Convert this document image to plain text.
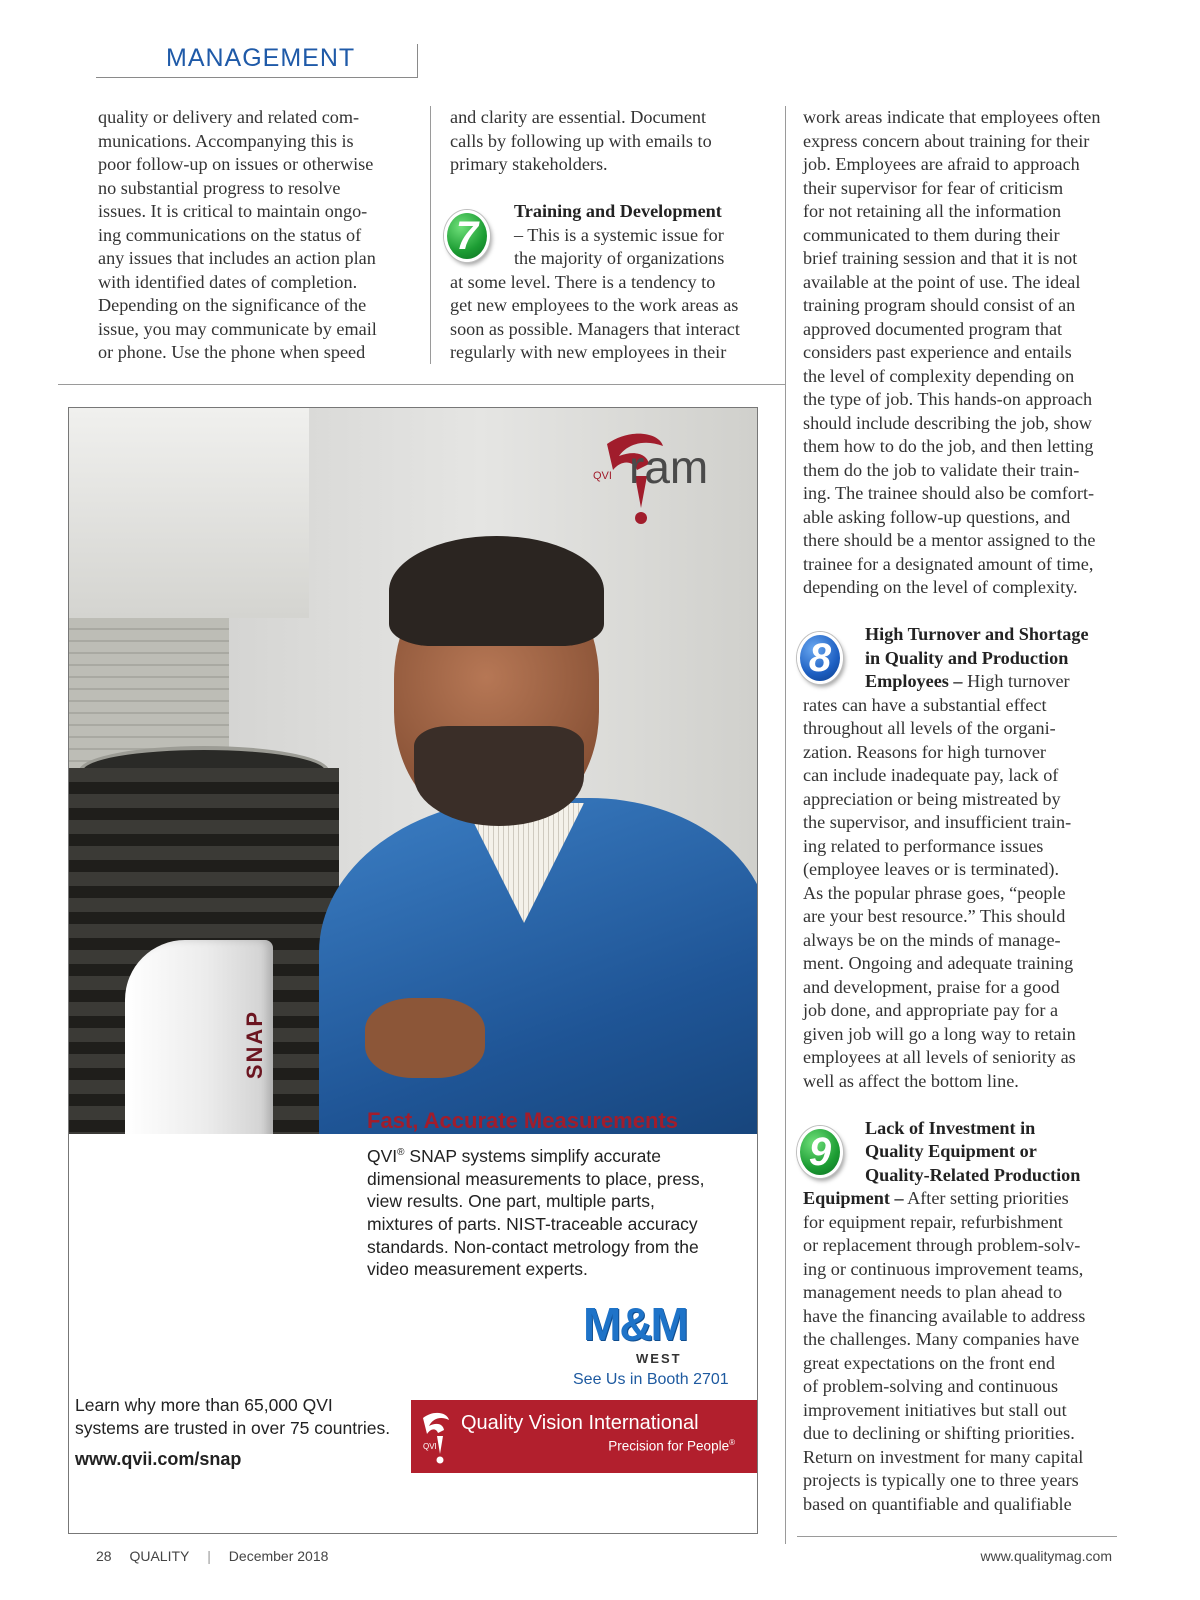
MANAGEMENT

quality or delivery and related com-

munications. Accompanying this is

poor follow-up on issues or otherwise

no substantial progress to resolve

issues. It is critical to maintain ongo-

ing communications on the status of

any issues that includes an action plan

with identified dates of completion.

Depending on the significance of the

issue, you may communicate by email

or phone. Use the phone when speed

and clarity are essential. Document

calls by following up with emails to

primary stakeholders.

Training and Development

– This is a systemic issue for

the majority of organizations

at some level. There is a tendency to

get new employees to the work areas as

soon as possible. Managers that interact

regularly with new employees in their

7

work areas indicate that employees often

express concern about training for their

job. Employees are afraid to approach

their supervisor for fear of criticism

for not retaining all the information

communicated to them during their

brief training session and that it is not

available at the point of use. The ideal

training program should consist of an

approved documented program that

considers past experience and entails

the level of complexity depending on

the type of job. This hands-on approach

should include describing the job, show

them how to do the job, and then letting

them do the job to validate their train-

ing. The trainee should also be comfort-

able asking follow-up questions, and

there should be a mentor assigned to the

trainee for a designated amount of time,

depending on the level of complexity.

High Turnover and Shortage

in Quality and Production

Employees – High turnover

rates can have a substantial effect

throughout all levels of the organi-

zation. Reasons for high turnover

can include inadequate pay, lack of

appreciation or being mistreated by

the supervisor, and insufficient train-

ing related to performance issues

(employee leaves or is terminated).

As the popular phrase goes, “people

are your best resource.” This should

always be on the minds of manage-

ment. Ongoing and adequate training

and development, praise for a good

job done, and appropriate pay for a

given job will go a long way to retain

employees at all levels of seniority as

well as affect the bottom line.

Lack of Investment in

Quality Equipment or

Quality-Related Production

Equipment – After setting priorities

for equipment repair, refurbishment

or replacement through problem-solv-

ing or continuous improvement teams,

management needs to plan ahead to

have the financing available to address

the challenges. Many companies have

great expectations on the front end

of problem-solving and continuous

improvement initiatives but stall out

due to declining or shifting priorities.

Return on investment for many capital

projects is typically one to three years

based on quantifiable and qualifiable

8
9
ram
QVI
SNAP
Fast, Accurate Measurements

QVI® SNAP systems simplify accurate

dimensional measurements to place, press,

view results. One part, multiple parts,

mixtures of parts. NIST-traceable accuracy

standards. Non-contact metrology from the

video measurement experts.

M&M
WEST
See Us in Booth 2701

Learn why more than 65,000 QVI

systems are trusted in over 75 countries.

www.qvii.com/snap
QVI
Quality Vision International
Precision for People®
28 QUALITY | December 2018	www.qualitymag.com
